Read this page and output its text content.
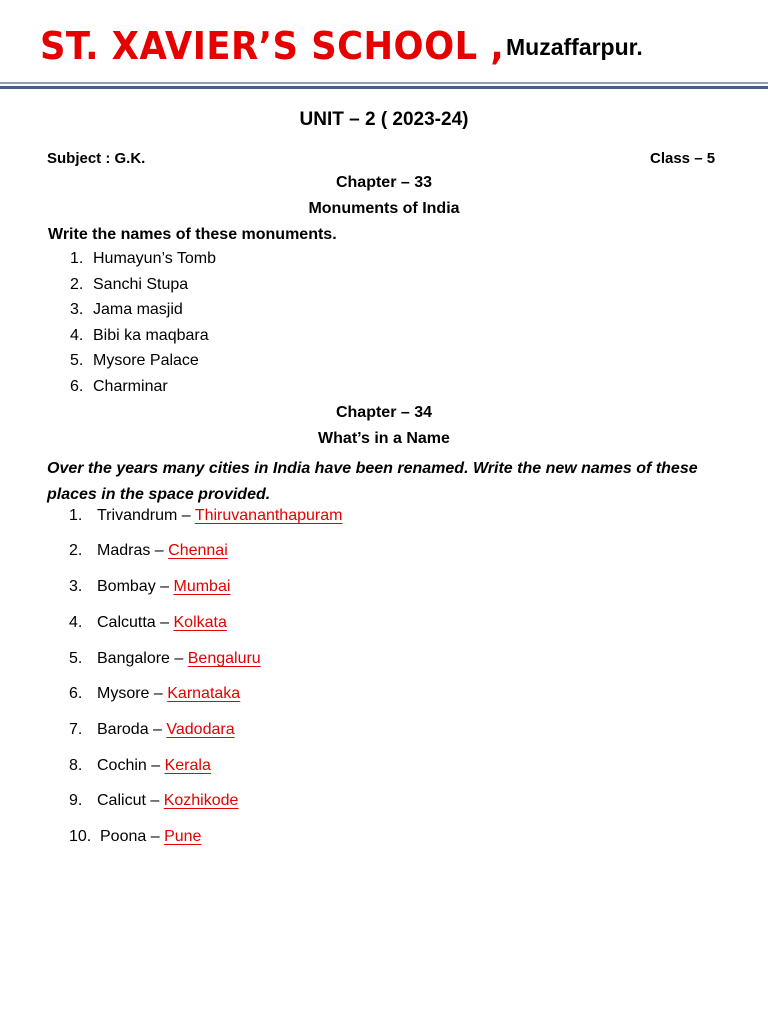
ST. XAVIER’S SCHOOL , Muzaffarpur.
UNIT – 2 ( 2023-24)
Subject : G.K.	Class – 5
Chapter – 33
Monuments of India
Write the names of these monuments.
1. Humayun’s Tomb
2. Sanchi Stupa
3. Jama masjid
4. Bibi ka maqbara
5. Mysore Palace
6. Charminar
Chapter – 34
What’s in a Name
Over the years many cities in India have been renamed. Write the new names of these places in the space provided.
1. Trivandrum – Thiruvananthapuram
2. Madras – Chennai
3. Bombay – Mumbai
4. Calcutta – Kolkata
5. Bangalore – Bengaluru
6. Mysore – Karnataka
7. Baroda – Vadodara
8. Cochin – Kerala
9. Calicut – Kozhikode
10. Poona – Pune
